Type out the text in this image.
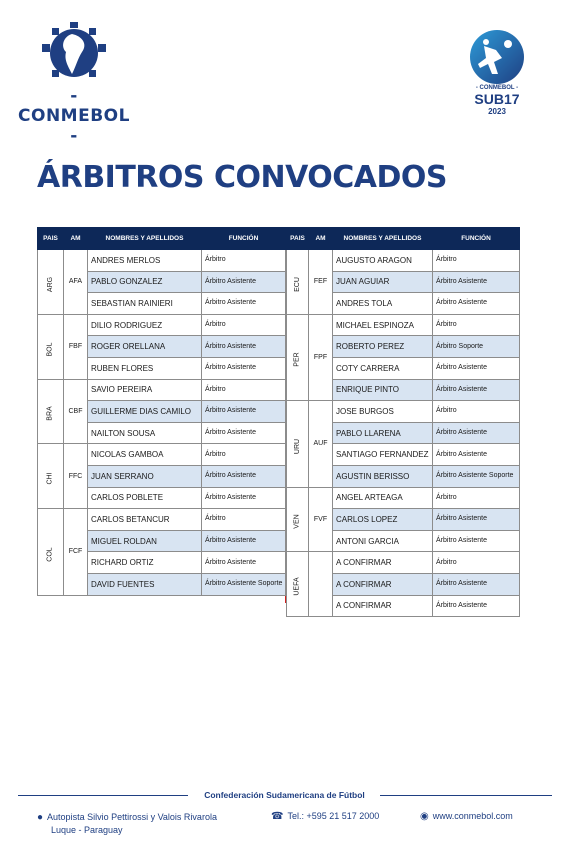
- CONMEBOL -
- CONMEBOL -
SUB17
2023
ÁRBITROS CONVOCADOS
PAIS	AM	NOMBRES Y APELLIDOS	FUNCIÓN
ARG	AFA	ANDRES MERLOS	Árbitro
		PABLO GONZALEZ	Árbitro Asistente
		SEBASTIAN RAINIERI	Árbitro Asistente
BOL	FBF	DILIO RODRIGUEZ	Árbitro
		ROGER ORELLANA	Árbitro Asistente
		RUBEN FLORES	Árbitro Asistente
BRA	CBF	SAVIO PEREIRA	Árbitro
		GUILLERME DIAS CAMILO	Árbitro Asistente
		NAILTON SOUSA	Árbitro Asistente
CHI	FFC	NICOLAS GAMBOA	Árbitro
		JUAN SERRANO	Árbitro Asistente
		CARLOS POBLETE	Árbitro Asistente
COL	FCF	CARLOS BETANCUR	Árbitro
		MIGUEL ROLDAN	Árbitro Asistente
		RICHARD ORTIZ	Árbitro Asistente
		DAVID FUENTES	Árbitro Asistente Soporte
PAIS	AM	NOMBRES Y APELLIDOS	FUNCIÓN
ECU	FEF	AUGUSTO ARAGON	Árbitro
		JUAN AGUIAR	Árbitro Asistente
		ANDRES TOLA	Árbitro Asistente
PER	FPF	MICHAEL ESPINOZA	Árbitro
		ROBERTO PEREZ	Árbitro Soporte
		COTY CARRERA	Árbitro Asistente
		ENRIQUE PINTO	Árbitro Asistente
URU	AUF	JOSE BURGOS	Árbitro
		PABLO LLARENA	Árbitro Asistente
		SANTIAGO FERNANDEZ	Árbitro Asistente
		AGUSTIN BERISSO	Árbitro Asistente Soporte
VEN	FVF	ANGEL ARTEAGA	Árbitro
		CARLOS LOPEZ	Árbitro Asistente
		ANTONI GARCIA	Árbitro Asistente
UEFA		A CONFIRMAR	Árbitro
		A CONFIRMAR	Árbitro Asistente
		A CONFIRMAR	Árbitro Asistente
Confederación Sudamericana de Fútbol
● Autopista Silvio Pettirossi y Valois Rivarola
Luque - Paraguay
☎ Tel.: +595 21 517 2000	◉ www.conmebol.com
